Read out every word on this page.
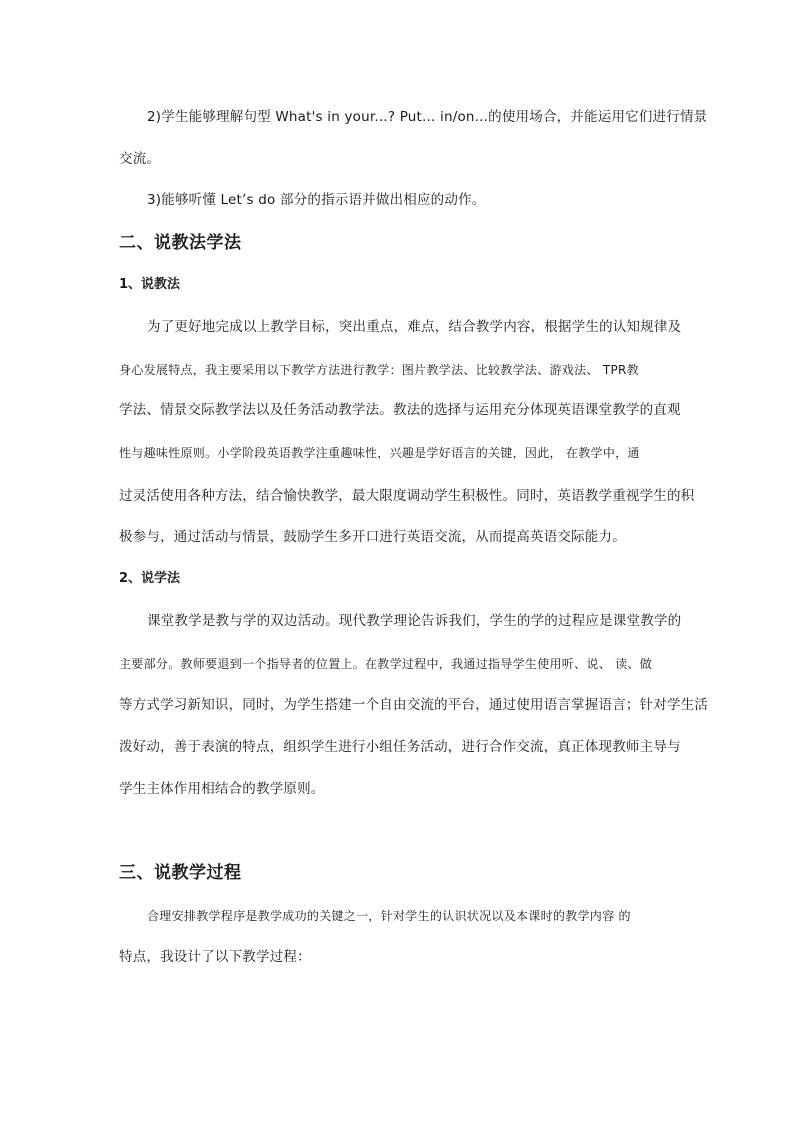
2)学生能够理解句型 What's in your...? Put... in/on...的使用场合，并能运用它们进行情景
交流。
3)能够听懂 Let’s do 部分的指示语并做出相应的动作。
二、说教法学法
1、说教法
为了更好地完成以上教学目标，突出重点，难点，结合教学内容，根据学生的认知规律及
身心发展特点，我主要采用以下教学方法进行教学：图片教学法、比较教学法、游戏法、 TPR教
学法、情景交际教学法以及任务活动教学法。教法的选择与运用充分体现英语课堂教学的直观
性与趣味性原则。小学阶段英语教学注重趣味性，兴趣是学好语言的关键，因此， 在教学中，通
过灵活使用各种方法，结合愉快教学，最大限度调动学生积极性。同时，英语教学重视学生的积
极参与，通过活动与情景，鼓励学生多开口进行英语交流，从而提高英语交际能力。
2、说学法
课堂教学是教与学的双边活动。现代教学理论告诉我们，学生的学的过程应是课堂教学的
主要部分。教师要退到一个指导者的位置上。在教学过程中，我通过指导学生使用听、说、 读、做
等方式学习新知识，同时，为学生搭建一个自由交流的平台，通过使用语言掌握语言；针对学生活
泼好动，善于表演的特点，组织学生进行小组任务活动，进行合作交流，真正体现教师主导与
学生主体作用相结合的教学原则。
三、说教学过程
合理安排教学程序是教学成功的关键之一，针对学生的认识状况以及本课时的教学内容 的
特点，我设计了以下教学过程：
